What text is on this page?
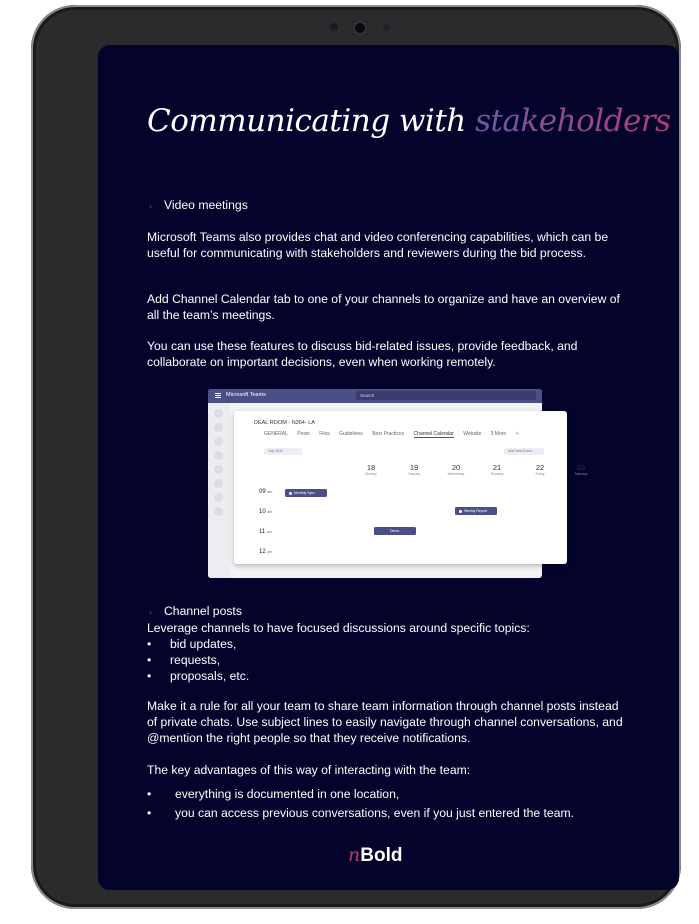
Communicating with stakeholders
› Video meetings

Microsoft Teams also provides chat and video conferencing capabilities, which can be useful for communicating with stakeholders and reviewers during the bid process.

Add Channel Calendar tab to one of your channels to organize and have an overview of all the team’s meetings.

You can use these features to discuss bid-related issues, provide feedback, and collaborate on important decisions, even when working remotely.

Microsoft Teams	Search
DEAL ROOM - N364- LA
GENERAL Posts Files Guidelines Best Practices Channel Calendar Website 3 More +
July 2022	Add New Event
18
Monday
19
Tuesday
20
Wednesday
21
Thursday
22
Friday
23
Saturday
09 am
10 am
11 am
12 pm
Monthly Sync
Weekly Report
Demo
› Channel posts

Leverage channels to have focused discussions around specific topics:

• bid updates,
• requests,
• proposals, etc.

Make it a rule for all your team to share team information through channel posts instead of private chats. Use subject lines to easily navigate through channel conversations, and @mention the right people so that they receive notifications.

The key advantages of this way of interacting with the team:

• everything is documented in one location,
• you can access previous conversations, even if you just entered the team.
nBold
